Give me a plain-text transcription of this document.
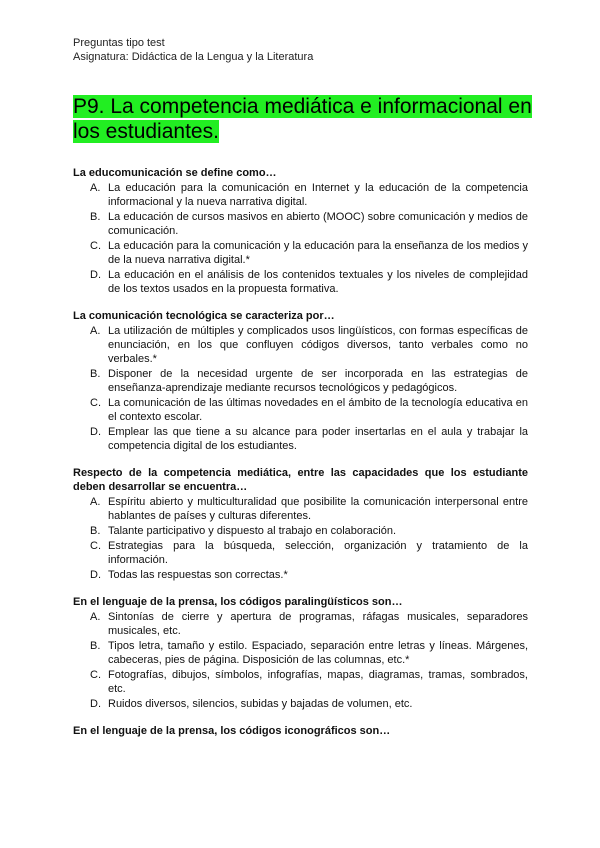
Preguntas tipo test
Asignatura: Didáctica de la Lengua y la Literatura
P9. La competencia mediática e informacional en los estudiantes.

La educomunicación se define como…

A. La educación para la comunicación en Internet y la educación de la competencia informacional y la nueva narrativa digital.
B. La educación de cursos masivos en abierto (MOOC) sobre comunicación y medios de comunicación.
C. La educación para la comunicación y la educación para la enseñanza de los medios y de la nueva narrativa digital.*
D. La educación en el análisis de los contenidos textuales y los niveles de complejidad de los textos usados en la propuesta formativa.

La comunicación tecnológica se caracteriza por…

A. La utilización de múltiples y complicados usos lingüísticos, con formas específicas de enunciación, en los que confluyen códigos diversos, tanto verbales como no verbales.*
B. Disponer de la necesidad urgente de ser incorporada en las estrategias de enseñanza-aprendizaje mediante recursos tecnológicos y pedagógicos.
C. La comunicación de las últimas novedades en el ámbito de la tecnología educativa en el contexto escolar.
D. Emplear las que tiene a su alcance para poder insertarlas en el aula y trabajar la competencia digital de los estudiantes.

Respecto de la competencia mediática, entre las capacidades que los estudiante deben desarrollar se encuentra…

A. Espíritu abierto y multiculturalidad que posibilite la comunicación interpersonal entre hablantes de países y culturas diferentes.
B. Talante participativo y dispuesto al trabajo en colaboración.
C. Estrategias para la búsqueda, selección, organización y tratamiento de la información.
D. Todas las respuestas son correctas.*

En el lenguaje de la prensa, los códigos paralingüísticos son…

A. Sintonías de cierre y apertura de programas, ráfagas musicales, separadores musicales, etc.
B. Tipos letra, tamaño y estilo. Espaciado, separación entre letras y líneas. Márgenes, cabeceras, pies de página. Disposición de las columnas, etc.*
C. Fotografías, dibujos, símbolos, infografías, mapas, diagramas, tramas, sombrados, etc.
D. Ruidos diversos, silencios, subidas y bajadas de volumen, etc.

En el lenguaje de la prensa, los códigos iconográficos son…
